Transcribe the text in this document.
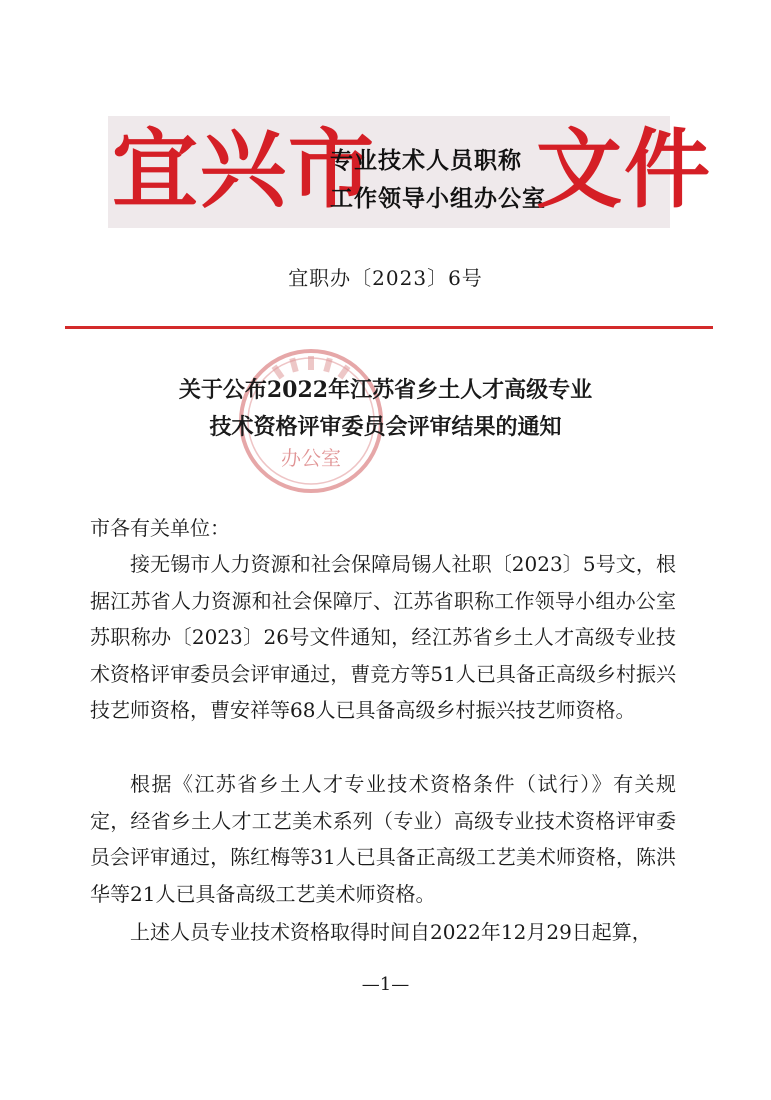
宜兴市
专业技术人员职称
工作领导小组办公室
文件
宜职办〔2023〕6号
办公室
关于公布2022年江苏省乡土人才高级专业
技术资格评审委员会评审结果的通知
市各有关单位：

接无锡市人力资源和社会保障局锡人社职〔2023〕5号文，根据江苏省人力资源和社会保障厅、江苏省职称工作领导小组办公室苏职称办〔2023〕26号文件通知，经江苏省乡土人才高级专业技术资格评审委员会评审通过，曹竞方等51人已具备正高级乡村振兴技艺师资格，曹安祥等68人已具备高级乡村振兴技艺师资格。

根据《江苏省乡土人才专业技术资格条件（试行）》有关规定，经省乡土人才工艺美术系列（专业）高级专业技术资格评审委员会评审通过，陈红梅等31人已具备正高级工艺美术师资格，陈洪华等21人已具备高级工艺美术师资格。

上述人员专业技术资格取得时间自2022年12月29日起算，

—1—
